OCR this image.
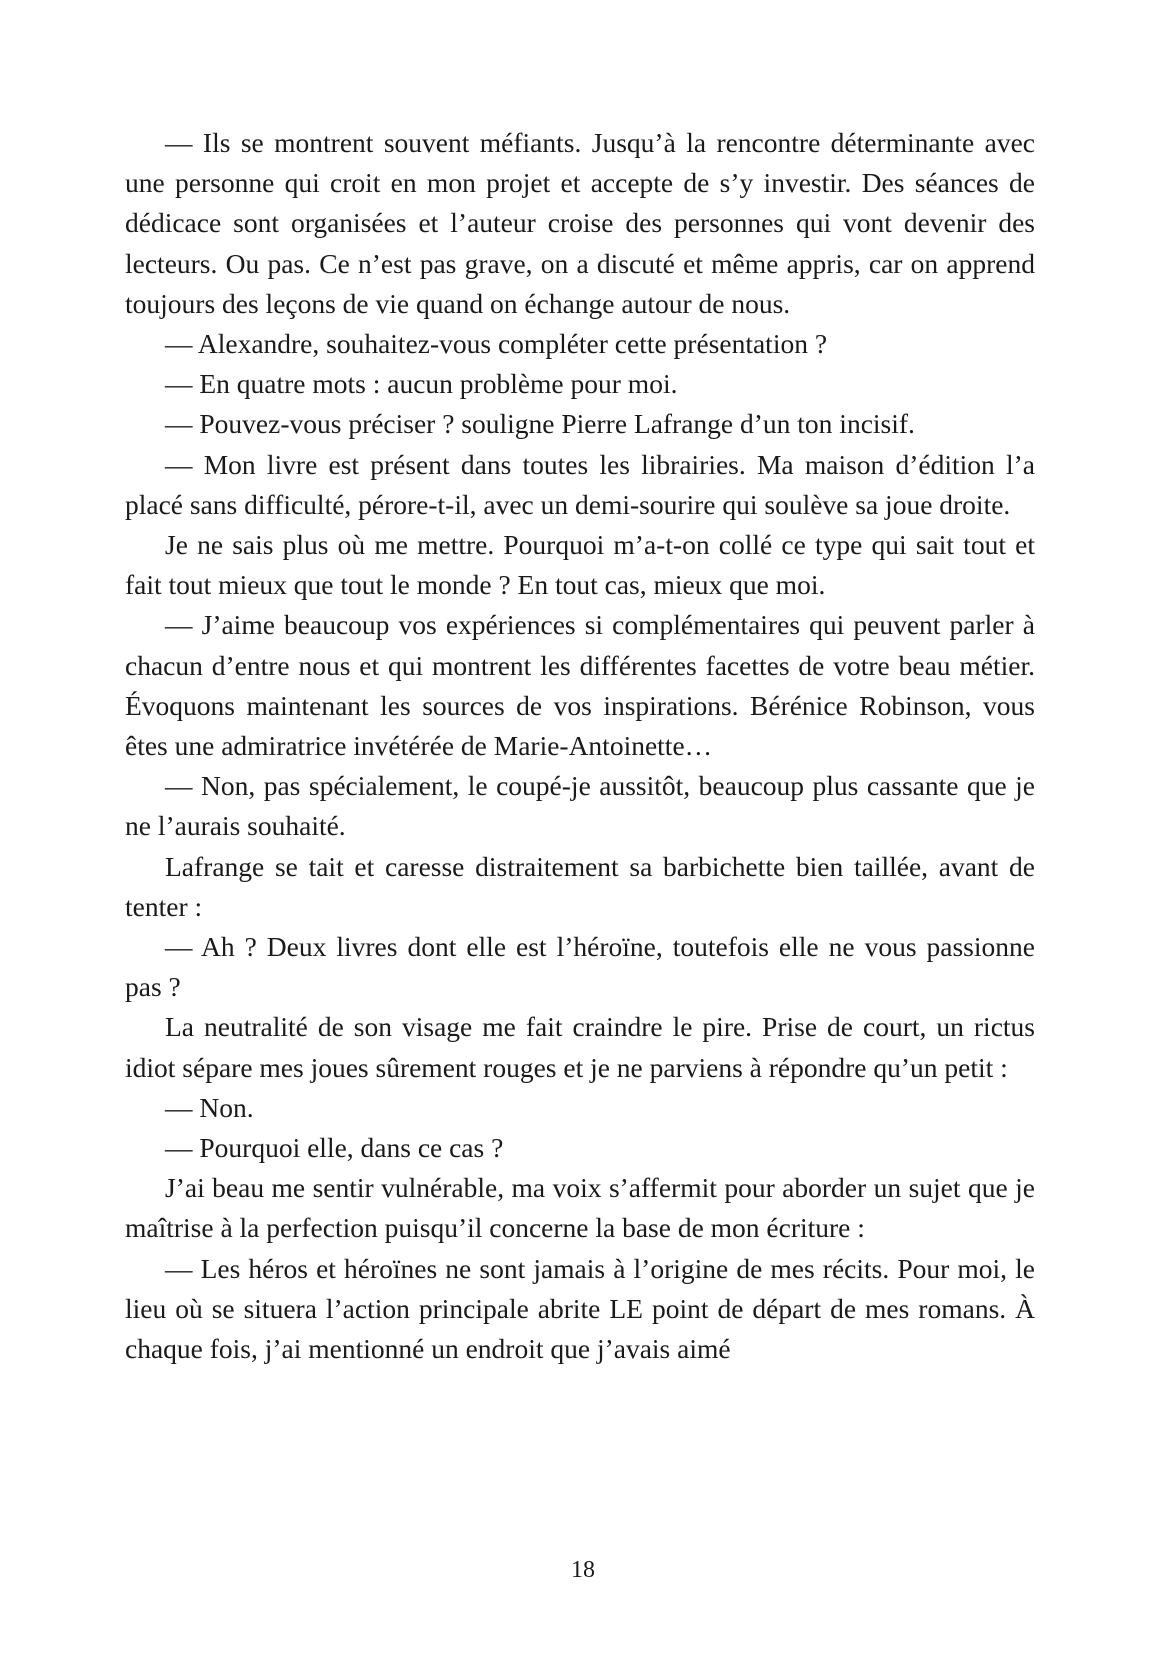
— Ils se montrent souvent méfiants. Jusqu’à la rencontre déterminante avec une personne qui croit en mon projet et accepte de s’y investir. Des séances de dédicace sont organisées et l’auteur croise des personnes qui vont devenir des lecteurs. Ou pas. Ce n’est pas grave, on a discuté et même appris, car on apprend toujours des leçons de vie quand on échange autour de nous.

— Alexandre, souhaitez-vous compléter cette présentation ?

— En quatre mots : aucun problème pour moi.

— Pouvez-vous préciser ? souligne Pierre Lafrange d’un ton incisif.

— Mon livre est présent dans toutes les librairies. Ma maison d’édition l’a placé sans difficulté, pérore-t-il, avec un demi-sourire qui soulève sa joue droite.

Je ne sais plus où me mettre. Pourquoi m’a-t-on collé ce type qui sait tout et fait tout mieux que tout le monde ? En tout cas, mieux que moi.

— J’aime beaucoup vos expériences si complémentaires qui peuvent parler à chacun d’entre nous et qui montrent les différentes facettes de votre beau métier. Évoquons maintenant les sources de vos inspirations. Bérénice Robinson, vous êtes une admiratrice invétérée de Marie-Antoinette…

— Non, pas spécialement, le coupé-je aussitôt, beaucoup plus cassante que je ne l’aurais souhaité.

Lafrange se tait et caresse distraitement sa barbichette bien taillée, avant de tenter :

— Ah ? Deux livres dont elle est l’héroïne, toutefois elle ne vous passionne pas ?

La neutralité de son visage me fait craindre le pire. Prise de court, un rictus idiot sépare mes joues sûrement rouges et je ne parviens à répondre qu’un petit :

— Non.

— Pourquoi elle, dans ce cas ?

J’ai beau me sentir vulnérable, ma voix s’affermit pour aborder un sujet que je maîtrise à la perfection puisqu’il concerne la base de mon écriture :

— Les héros et héroïnes ne sont jamais à l’origine de mes récits. Pour moi, le lieu où se situera l’action principale abrite LE point de départ de mes romans. À chaque fois, j’ai mentionné un endroit que j’avais aimé

18
